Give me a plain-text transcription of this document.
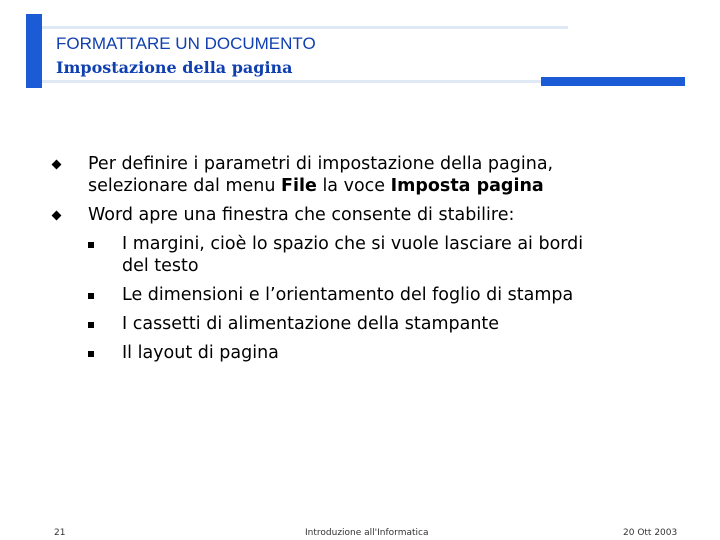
FORMATTARE UN DOCUMENTO
Impostazione della pagina
Per definire i parametri di impostazione della pagina,
selezionare dal menu File la voce Imposta pagina
Word apre una finestra che consente di stabilire:
I margini, cioè lo spazio che si vuole lasciare ai bordi
del testo
Le dimensioni e l’orientamento del foglio di stampa
I cassetti di alimentazione della stampante
Il layout di pagina
21	Introduzione all'Informatica	20 Ott 2003
